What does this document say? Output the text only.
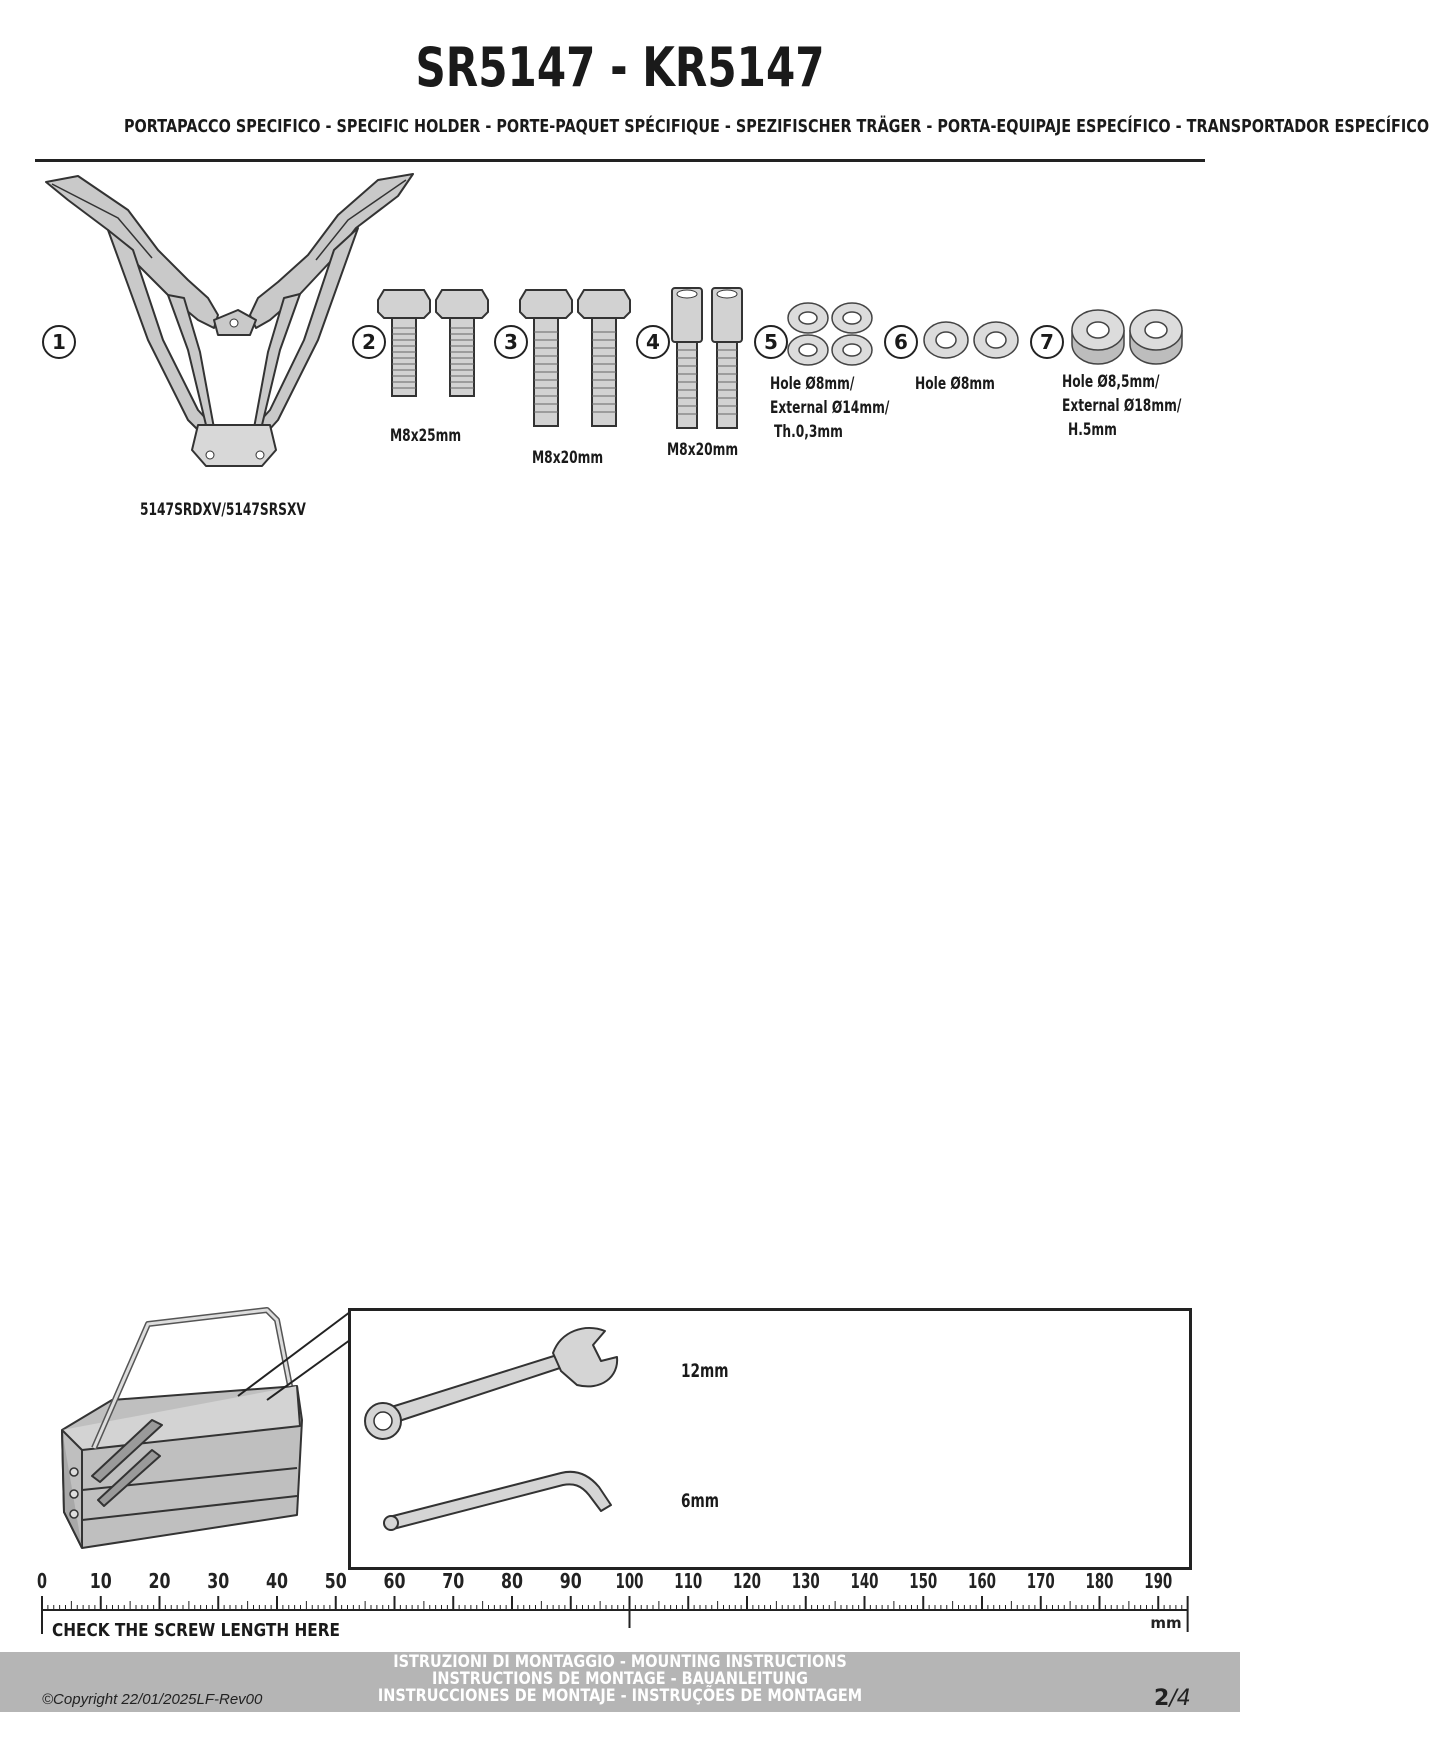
SR5147 - KR5147
PORTAPACCO SPECIFICO - SPECIFIC HOLDER - PORTE-PAQUET SPÉCIFIQUE - SPEZIFISCHER TRÄGER - PORTA-EQUIPAJE ESPECÍFICO - TRANSPORTADOR ESPECÍFICO
1
5147SRDXV/5147SRSXV
2
M8x25mm
3
M8x20mm
4
M8x20mm
5
Hole Ø8mm/
External Ø14mm/
Th.0,3mm
6
Hole Ø8mm
7
Hole Ø8,5mm/
External Ø18mm/
H.5mm
12mm
6mm
0 10 20 30 40 50 60 70 80 90 100 110 120 130 140 150 160 170 180 190
mm
CHECK THE SCREW LENGTH HERE
ISTRUZIONI DI MONTAGGIO - MOUNTING INSTRUCTIONS
INSTRUCTIONS DE MONTAGE - BAUANLEITUNG
INSTRUCCIONES DE MONTAJE - INSTRUÇÕES DE MONTAGEM
©Copyright 22/01/2025LF-Rev00	2/4
